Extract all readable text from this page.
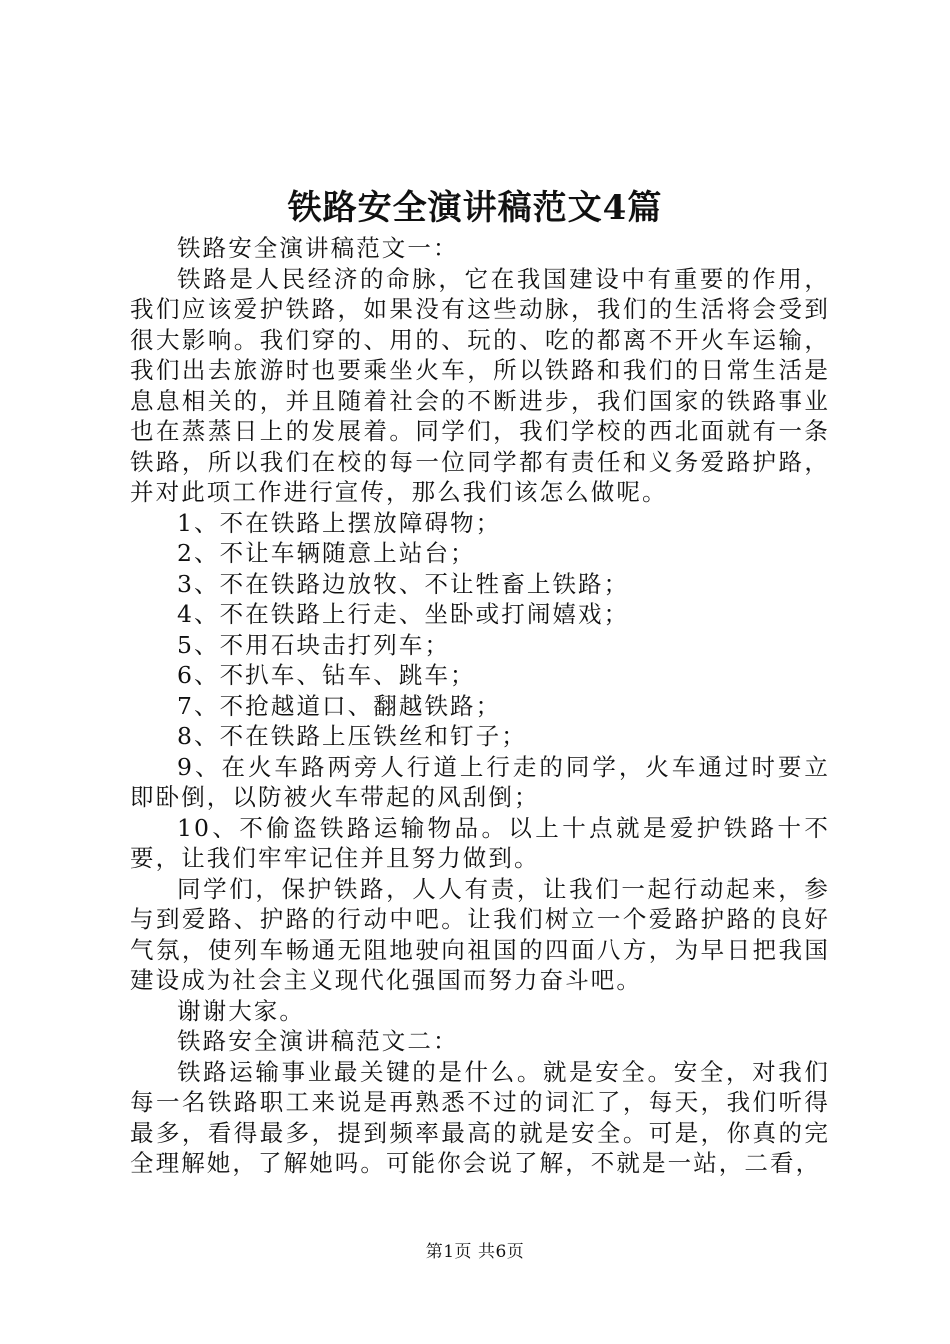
铁路安全演讲稿范文4篇

铁路安全演讲稿范文一：

铁路是人民经济的命脉，它在我国建设中有重要的作用，我们应该爱护铁路，如果没有这些动脉，我们的生活将会受到很大影响。我们穿的、用的、玩的、吃的都离不开火车运输，我们出去旅游时也要乘坐火车，所以铁路和我们的日常生活是息息相关的，并且随着社会的不断进步，我们国家的铁路事业也在蒸蒸日上的发展着。同学们，我们学校的西北面就有一条铁路，所以我们在校的每一位同学都有责任和义务爱路护路，并对此项工作进行宣传，那么我们该怎么做呢。

1、不在铁路上摆放障碍物；

2、不让车辆随意上站台；

3、不在铁路边放牧、不让牲畜上铁路；

4、不在铁路上行走、坐卧或打闹嬉戏；

5、不用石块击打列车；

6、不扒车、钻车、跳车；

7、不抢越道口、翻越铁路；

8、不在铁路上压铁丝和钉子；

9、在火车路两旁人行道上行走的同学，火车通过时要立即卧倒，以防被火车带起的风刮倒；

10、不偷盗铁路运输物品。以上十点就是爱护铁路十不要，让我们牢牢记住并且努力做到。

同学们，保护铁路，人人有责，让我们一起行动起来，参与到爱路、护路的行动中吧。让我们树立一个爱路护路的良好气氛，使列车畅通无阻地驶向祖国的四面八方，为早日把我国建设成为社会主义现代化强国而努力奋斗吧。

谢谢大家。

铁路安全演讲稿范文二：

铁路运输事业最关键的是什么。就是安全。安全，对我们每一名铁路职工来说是再熟悉不过的词汇了，每天，我们听得最多，看得最多，提到频率最高的就是安全。可是，你真的完全理解她，了解她吗。可能你会说了解，不就是一站，二看，

第1页 共6页
